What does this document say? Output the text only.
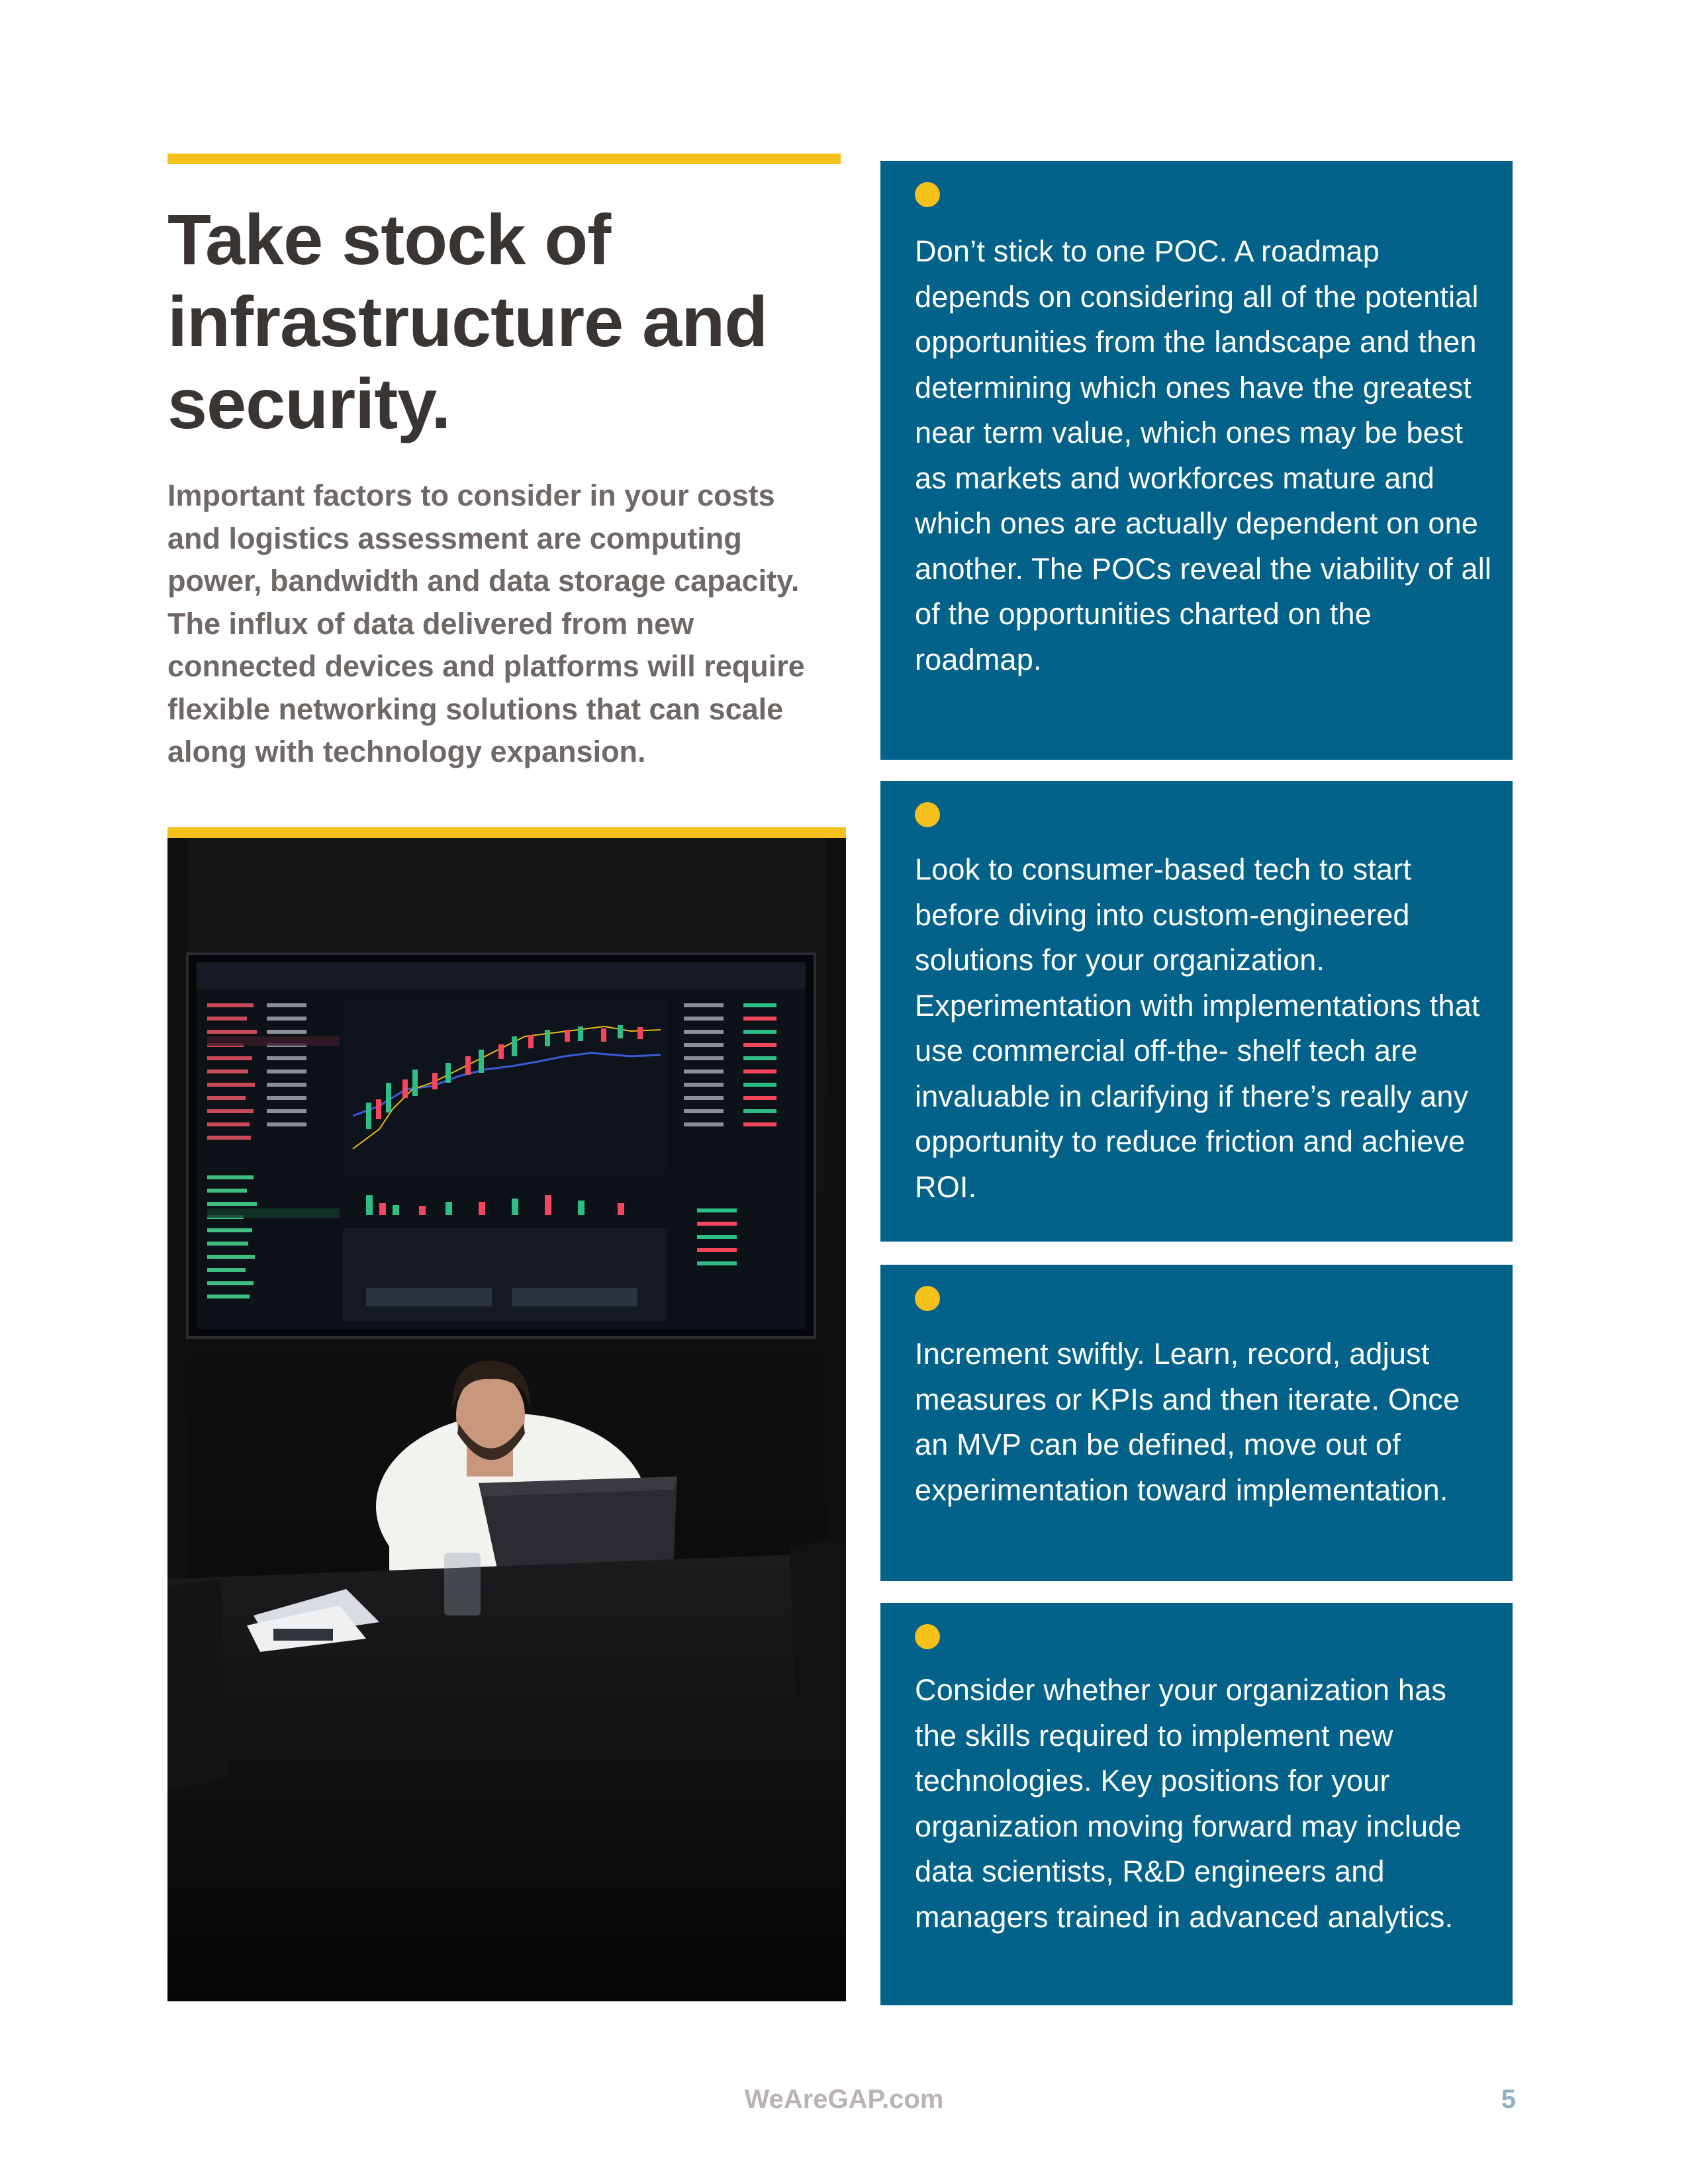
Take stock of
infrastructure and
security.

Important factors to consider in your costs and logistics assessment are computing power, bandwidth and data storage capacity. The influx of data delivered from new connected devices and platforms will require flexible networking solutions that can scale along with technology expansion.

Don’t stick to one POC. A roadmap depends on considering all of the potential opportunities from the landscape and then determining which ones have the greatest near term value, which ones may be best as markets and workforces mature and which ones are actually dependent on one another. The POCs reveal the viability of all of the opportunities charted on the roadmap.

Look to consumer-based tech to start before diving into custom-engineered solutions for your organization. Experimentation with implementations that use commercial off-the- shelf tech are invaluable in clarifying if there’s really any opportunity to reduce friction and achieve ROI.

Increment swiftly. Learn, record, adjust measures or KPIs and then iterate. Once an MVP can be defined, move out of experimentation toward implementation.

Consider whether your organization has the skills required to implement new technologies. Key positions for your organization moving forward may include data scientists, R&D engineers and managers trained in advanced analytics.

WeAreGAP.com	5
